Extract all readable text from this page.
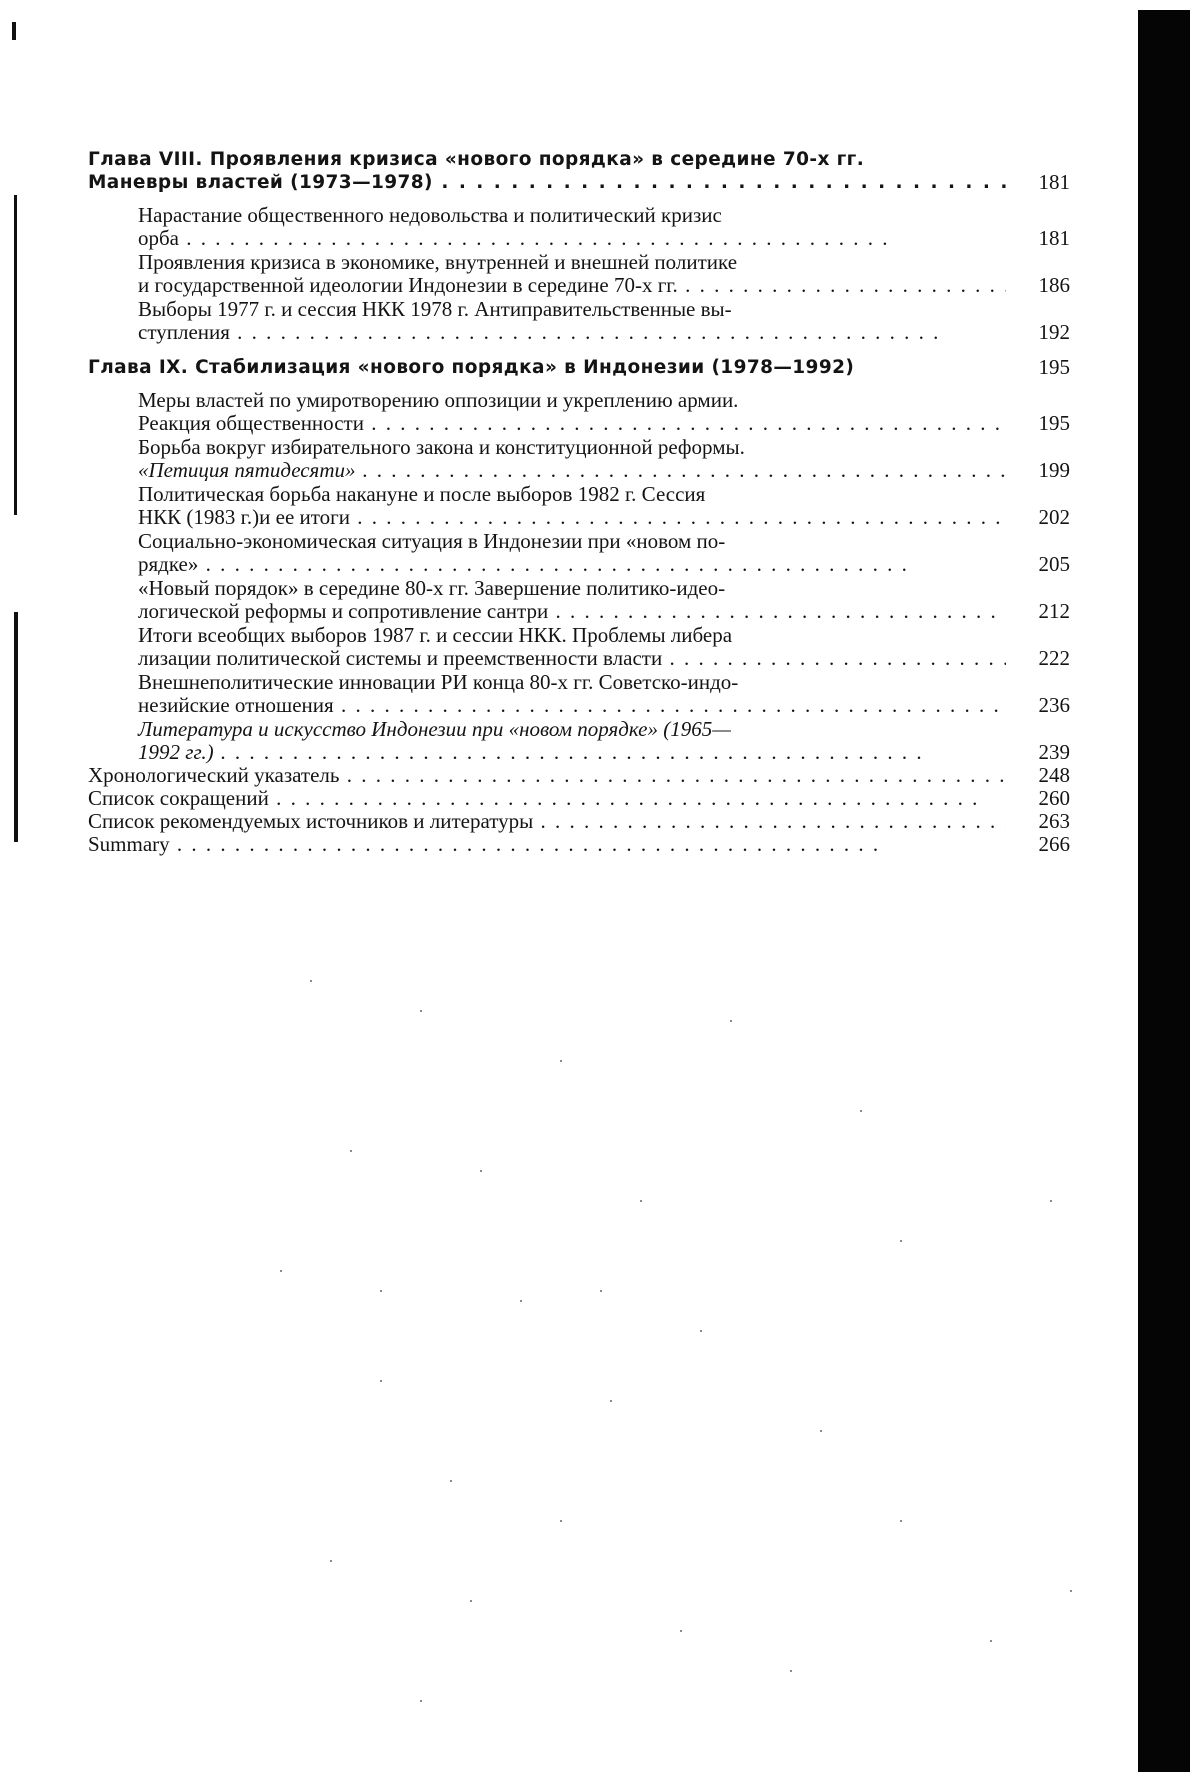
Глава VIII. Проявления кризиса «нового порядка» в середине 70-х гг.

Маневры властей (1973—1978) . .	181
Нарастание общественного недовольства и политический кризис

орба . .	181
Проявления кризиса в экономике, внутренней и внешней политике

и государственной идеологии Индонезии в середине 70-х гг. . .	186
Выборы 1977 г. и сессия НКК 1978 г. Антиправительственные вы-

ступления . .	192
Глава IX. Стабилизация «нового порядка» в Индонезии (1978—1992)	195
Меры властей по умиротворению оппозиции и укреплению армии.

Реакция общественности . .	195
Борьба вокруг избирательного закона и конституционной реформы.

«Петиция пятидесяти» . .	199
Политическая борьба накануне и после выборов 1982 г. Сессия

НКК (1983 г.)и ее итоги . .	202
Социально-экономическая ситуация в Индонезии при «новом по-

рядке» . .	205
«Новый порядок» в середине 80-х гг. Завершение политико-идео-

логической реформы и сопротивление сантри . .	212
Итоги всеобщих выборов 1987 г. и сессии НКК. Проблемы либера

лизации политической системы и преемственности власти . .	222
Внешнеполитические инновации РИ конца 80-х гг. Советско-индо-

незийские отношения . .	236
Литература и искусство Индонезии при «новом порядке» (1965—

1992 гг.) . .	239
Хронологический указатель . .	248
Список сокращений . .	260
Список рекомендуемых источников и литературы . .	263
Summary . .	266
